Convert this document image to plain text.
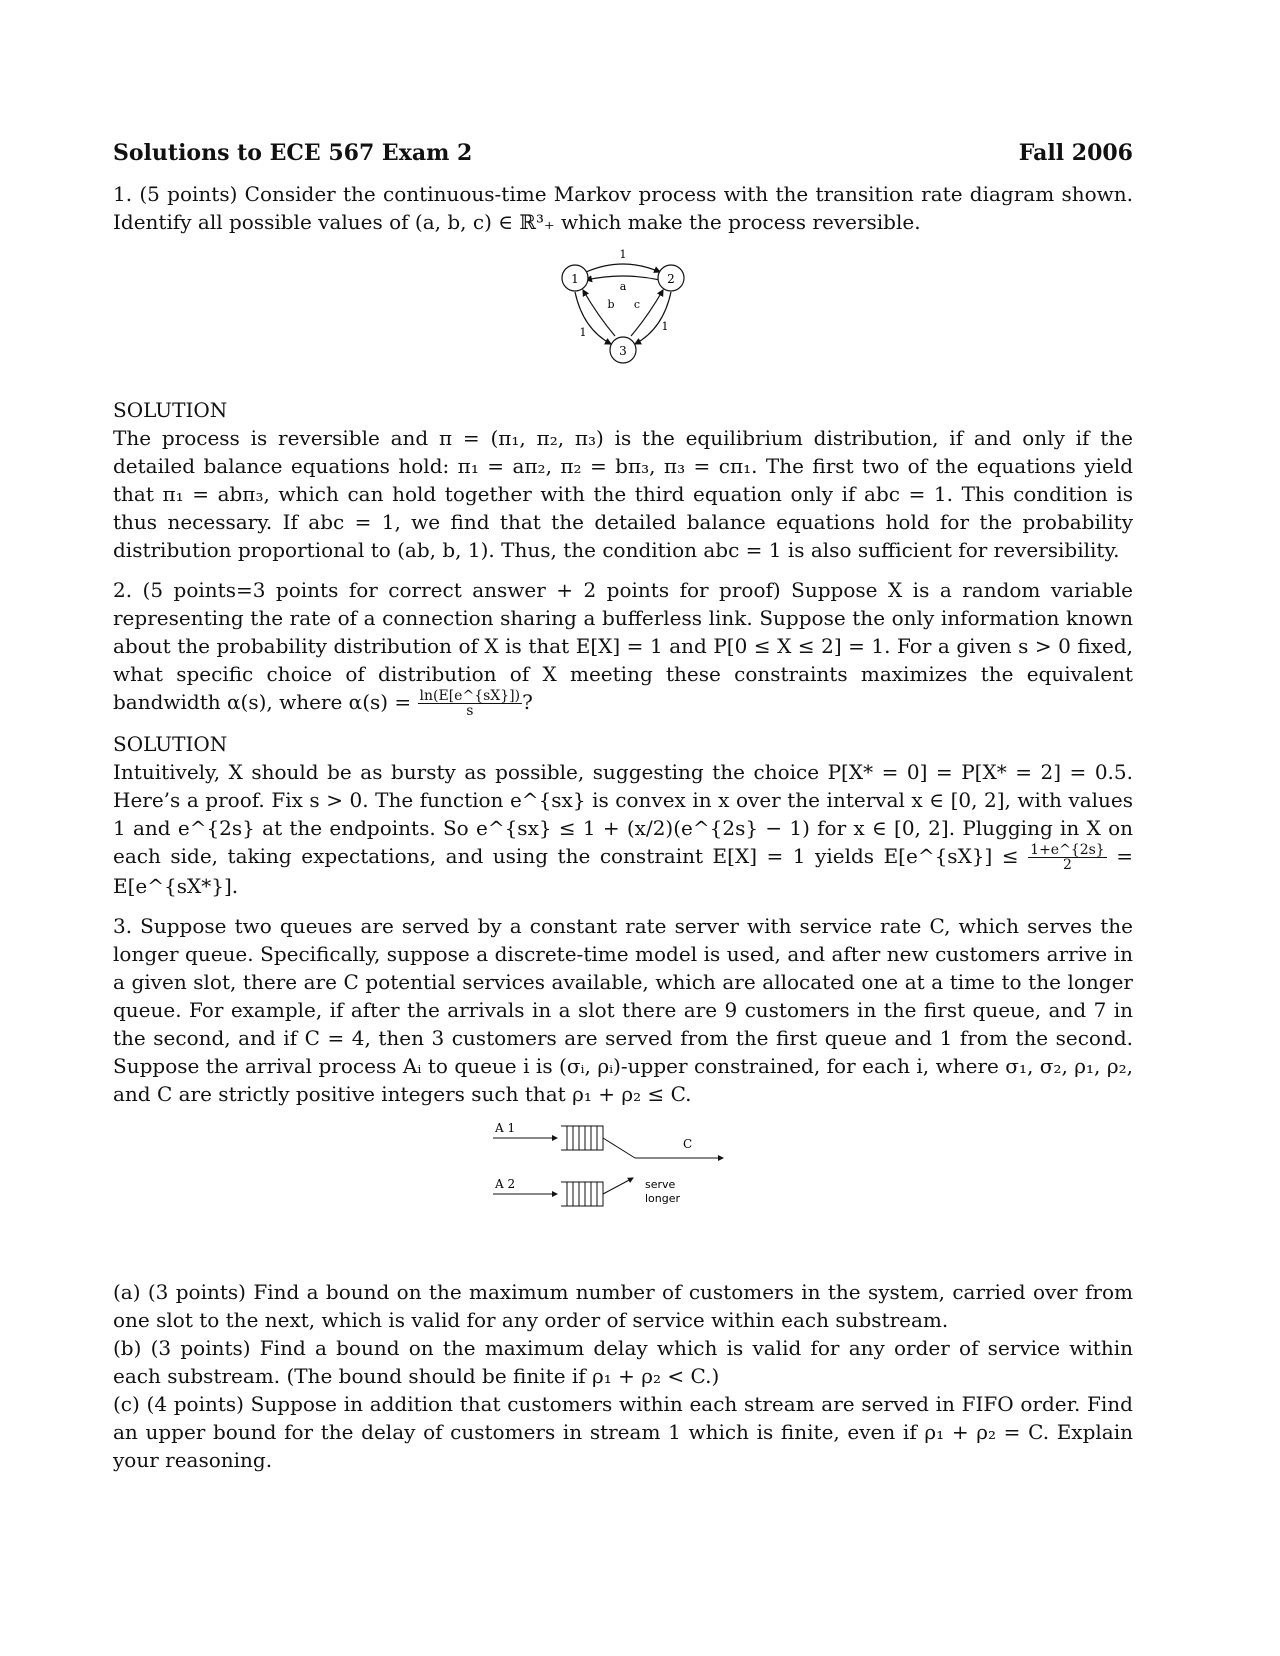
Solutions to ECE 567 Exam 2	Fall 2006

1. (5 points) Consider the continuous-time Markov process with the transition rate diagram shown. Identify all possible values of (a, b, c) ∈ ℝ³₊ which make the process reversible.

1	2
3
1
a
b c
1	1

SOLUTION

The process is reversible and π = (π₁, π₂, π₃) is the equilibrium distribution, if and only if the detailed balance equations hold: π₁ = aπ₂, π₂ = bπ₃, π₃ = cπ₁. The first two of the equations yield that π₁ = abπ₃, which can hold together with the third equation only if abc = 1. This condition is thus necessary. If abc = 1, we find that the detailed balance equations hold for the probability distribution proportional to (ab, b, 1). Thus, the condition abc = 1 is also sufficient for reversibility.

2. (5 points=3 points for correct answer + 2 points for proof) Suppose X is a random variable representing the rate of a connection sharing a bufferless link. Suppose the only information known about the probability distribution of X is that E[X] = 1 and P[0 ≤ X ≤ 2] = 1. For a given s > 0 fixed, what specific choice of distribution of X meeting these constraints maximizes the equivalent bandwidth α(s), where $\alpha(s) = \frac{\ln(E[e\^{}\{sX\}])}{s}$ ?

SOLUTION

Intuitively, X should be as bursty as possible, suggesting the choice P[X* = 0] = P[X* = 2] = 0.5. Here’s a proof. Fix s > 0. The function e^{sx} is convex in x over the interval x ∈ [0, 2], with values 1 and e^{2s} at the endpoints. So e^{sx} ≤ 1 + (x/2)(e^{2s} − 1) for x ∈ [0, 2]. Plugging in X on each side, taking expectations, and using the constraint E[X] = 1 yields E[e^{sX}] ≤ $\frac{1+e\^{}\{2s\}}{2}$ = E[e^{sX*}].

3. Suppose two queues are served by a constant rate server with service rate C, which serves the longer queue. Specifically, suppose a discrete-time model is used, and after new customers arrive in a given slot, there are C potential services available, which are allocated one at a time to the longer queue. For example, if after the arrivals in a slot there are 9 customers in the first queue, and 7 in the second, and if C = 4, then 3 customers are served from the first queue and 1 from the second. Suppose the arrival process Aᵢ to queue i is (σᵢ, ρᵢ)-upper constrained, for each i, where σ₁, σ₂, ρ₁, ρ₂, and C are strictly positive integers such that ρ₁ + ρ₂ ≤ C.

A 1
A 2
C
serve
longer

(a) (3 points) Find a bound on the maximum number of customers in the system, carried over from one slot to the next, which is valid for any order of service within each substream.

(b) (3 points) Find a bound on the maximum delay which is valid for any order of service within each substream. (The bound should be finite if ρ₁ + ρ₂ < C.)

(c) (4 points) Suppose in addition that customers within each stream are served in FIFO order. Find an upper bound for the delay of customers in stream 1 which is finite, even if ρ₁ + ρ₂ = C. Explain your reasoning.
